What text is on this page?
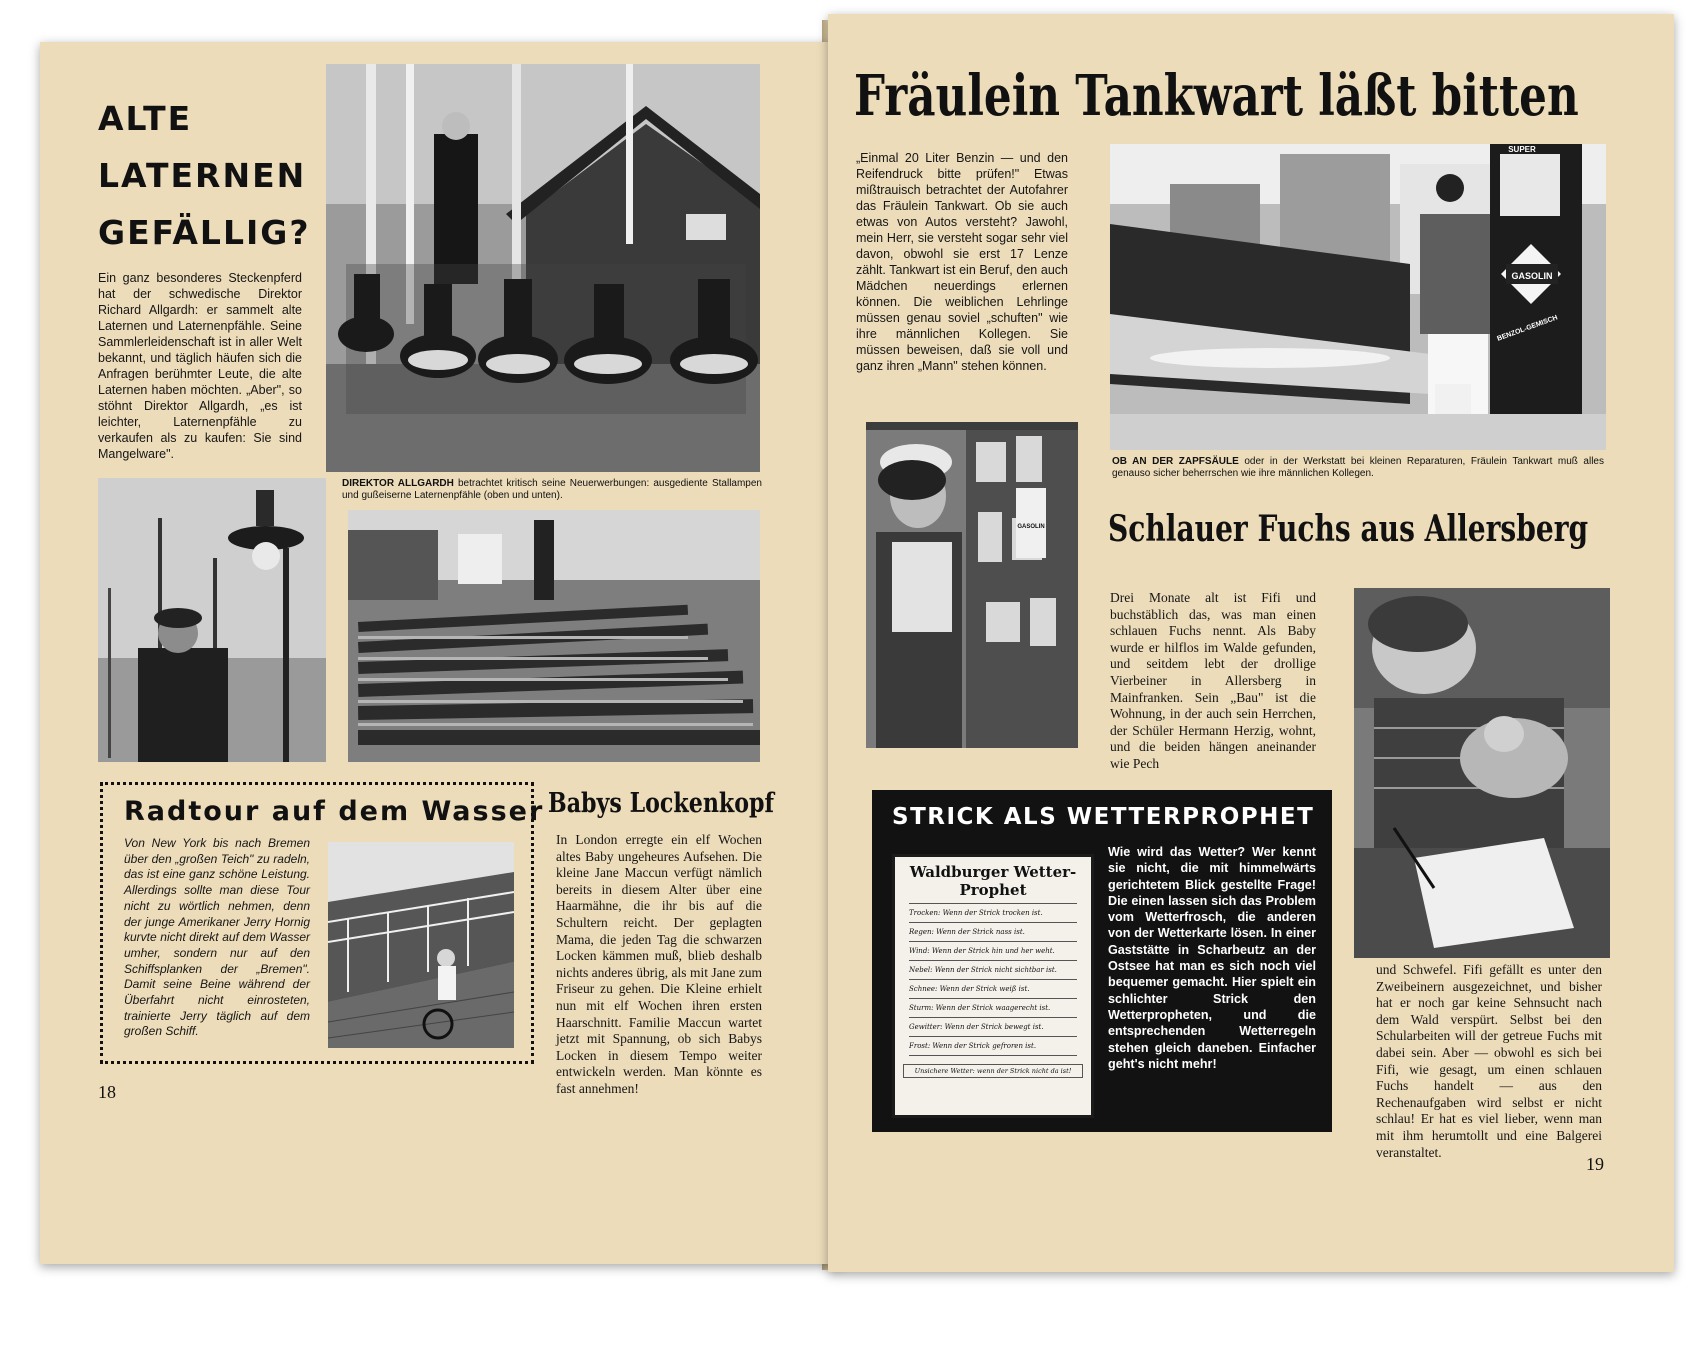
ALTE
LATERNEN
GEFÄLLIG?
Ein ganz besonderes Steckenpferd hat der schwedische Direktor Richard Allgardh: er sammelt alte Laternen und Laternenpfähle. Seine Sammlerleidenschaft ist in aller Welt bekannt, und täglich häufen sich die Anfragen berühmter Leute, die alte Laternen haben möchten. „Aber", so stöhnt Direktor Allgardh, „es ist leichter, Laternenpfähle zu verkaufen als zu kaufen: Sie sind Mangelware".
DIREKTOR ALLGARDH betrachtet kritisch seine Neuerwerbungen: ausgediente Stallampen und gußeiserne Laternenpfähle (oben und unten).
Radtour auf dem Wasser
Von New York bis nach Bremen über den „großen Teich" zu radeln, das ist eine ganz schöne Leistung. Allerdings sollte man diese Tour nicht zu wörtlich nehmen, denn der junge Amerikaner Jerry Hornig kurvte nicht direkt auf dem Wasser umher, sondern nur auf den Schiffsplanken der „Bremen". Damit seine Beine während der Überfahrt nicht einrosteten, trainierte Jerry täglich auf dem großen Schiff.
Babys Lockenkopf
In London erregte ein elf Wochen altes Baby ungeheures Aufsehen. Die kleine Jane Maccun verfügt nämlich bereits in diesem Alter über eine Haarmähne, die ihr bis auf die Schultern reicht. Der geplagten Mama, die jeden Tag die schwarzen Locken kämmen muß, blieb deshalb nichts anderes übrig, als mit Jane zum Friseur zu gehen. Die Kleine erhielt nun mit elf Wochen ihren ersten Haarschnitt. Familie Maccun wartet jetzt mit Spannung, ob sich Babys Locken in diesem Tempo weiter entwickeln werden. Man könnte es fast annehmen!
18
Fräulein Tankwart läßt bitten
„Einmal 20 Liter Benzin — und den Reifendruck bitte prüfen!" Etwas mißtrauisch betrachtet der Autofahrer das Fräulein Tankwart. Ob sie auch etwas von Autos versteht? Jawohl, mein Herr, sie versteht sogar sehr viel davon, obwohl sie erst 17 Lenze zählt. Tankwart ist ein Beruf, den auch Mädchen neuerdings erlernen können. Die weiblichen Lehrlinge müssen genau soviel „schuften" wie ihre männlichen Kollegen. Sie müssen beweisen, daß sie voll und ganz ihren „Mann" stehen können.
GASOLIN
SUPER
BENZOL-GEMISCH
OB AN DER ZAPFSÄULE oder in der Werkstatt bei kleinen Reparaturen, Fräulein Tankwart muß alles genauso sicher beherrschen wie ihre männlichen Kollegen.
GASOLIN Schlauer Fuchs aus Allersberg
Drei Monate alt ist Fifi und buchstäblich das, was man einen schlauen Fuchs nennt. Als Baby wurde er hilflos im Walde gefunden, und seitdem lebt der drollige Vierbeiner in Allersberg in Mainfranken. Sein „Bau" ist die Wohnung, in der auch sein Herrchen, der Schüler Hermann Herzig, wohnt, und die beiden hängen aneinander wie Pech
und Schwefel. Fifi gefällt es unter den Zweibeinern ausgezeichnet, und bisher hat er noch gar keine Sehnsucht nach dem Wald verspürt. Selbst bei den Schularbeiten will der getreue Fuchs mit dabei sein. Aber — obwohl es sich bei Fifi, wie gesagt, um einen schlauen Fuchs handelt — aus den Rechenaufgaben wird selbst er nicht schlau! Er hat es viel lieber, wenn man mit ihm herumtollt und eine Balgerei veranstaltet.
STRICK ALS WETTERPROPHET
Waldburger Wetter-
Prophet
Trocken: Wenn der Strick trocken ist.
Regen: Wenn der Strick nass ist.
Wind: Wenn der Strick hin und her weht.
Nebel: Wenn der Strick nicht sichtbar ist.
Schnee: Wenn der Strick weiß ist.
Sturm: Wenn der Strick waagerecht ist.
Gewitter: Wenn der Strick bewegt ist.
Frost: Wenn der Strick gefroren ist.
Unsichere Wetter: wenn der Strick nicht da ist!
Wie wird das Wetter? Wer kennt sie nicht, die mit himmelwärts gerichtetem Blick gestellte Frage! Die einen lassen sich das Problem vom Wetterfrosch, die anderen von der Wetterkarte lösen. In einer Gaststätte in Scharbeutz an der Ostsee hat man es sich noch viel bequemer gemacht. Hier spielt ein schlichter Strick den Wetterpropheten, und die entsprechenden Wetterregeln stehen gleich daneben. Einfacher geht's nicht mehr!
19
